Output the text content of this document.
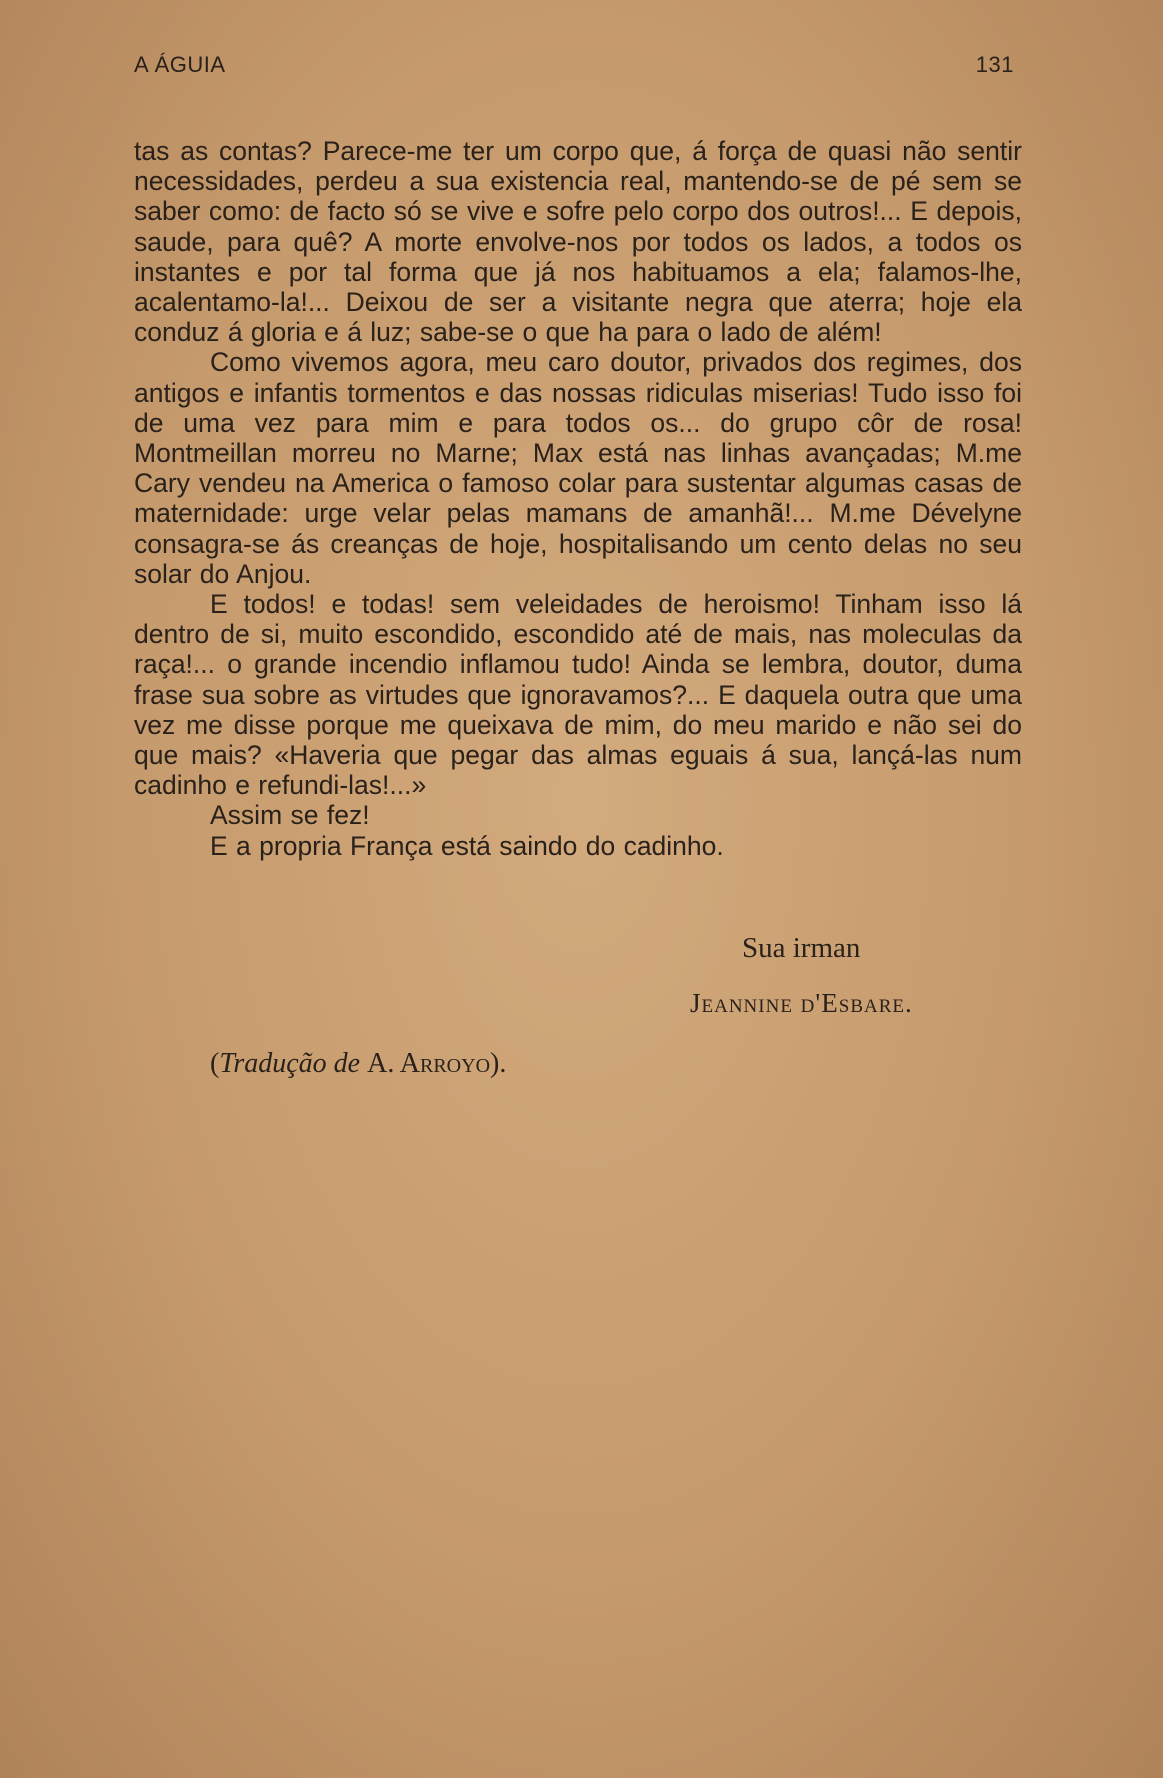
A ÁGUIA	131

tas as contas? Parece-me ter um corpo que, á força de quasi não sentir necessidades, perdeu a sua existencia real, mantendo-se de pé sem se saber como: de facto só se vive e sofre pelo corpo dos outros!... E depois, saude, para quê? A morte envolve-nos por todos os lados, a todos os instantes e por tal forma que já nos habituamos a ela; falamos-lhe, acalentamo-la!... Deixou de ser a visitante negra que aterra; hoje ela conduz á gloria e á luz; sabe-se o que ha para o lado de além!

Como vivemos agora, meu caro doutor, privados dos regimes, dos antigos e infantis tormentos e das nossas ridiculas miserias! Tudo isso foi de uma vez para mim e para todos os... do grupo côr de rosa! Montmeillan morreu no Marne; Max está nas linhas avançadas; M.me Cary vendeu na America o famoso colar para sustentar algumas casas de maternidade: urge velar pelas mamans de amanhã!... M.me Dévelyne consagra-se ás creanças de hoje, hospitalisando um cento delas no seu solar do Anjou.

E todos! e todas! sem veleidades de heroismo! Tinham isso lá dentro de si, muito escondido, escondido até de mais, nas moleculas da raça!... o grande incendio inflamou tudo! Ainda se lembra, doutor, duma frase sua sobre as virtudes que ignoravamos?... E daquela outra que uma vez me disse porque me queixava de mim, do meu marido e não sei do que mais? «Haveria que pegar das almas eguais á sua, lançá-las num cadinho e refundi-las!...»

Assim se fez!

E a propria França está saindo do cadinho.

Sua irman
Jeannine d'Esbare.
(Tradução de A. Arroyo).
